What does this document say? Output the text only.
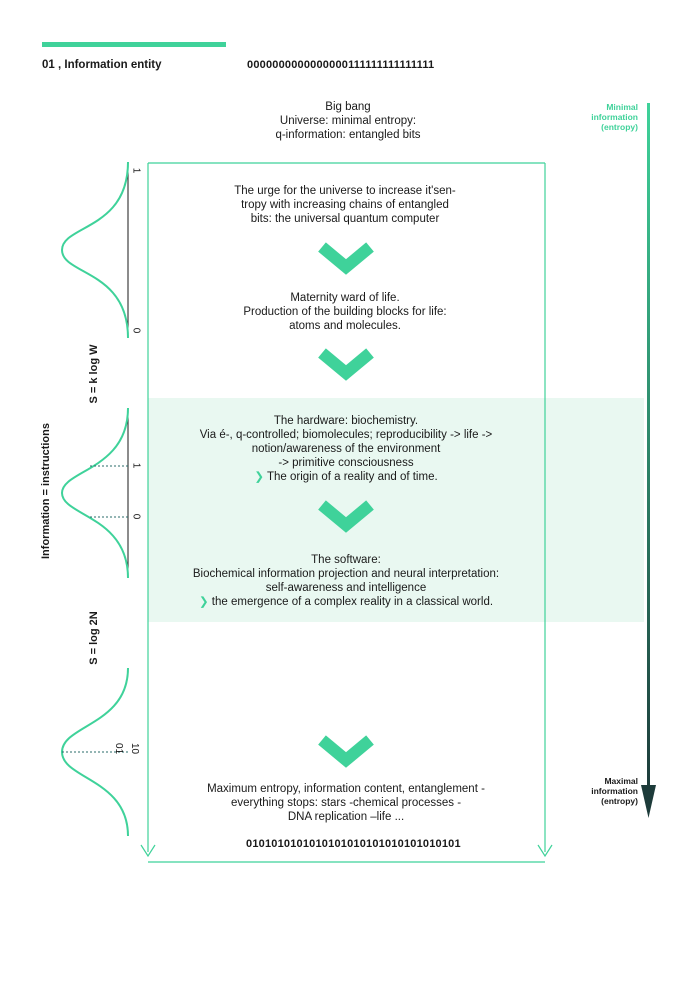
01 , Information entity	0000000000000000111111111111111
Big bang
Universe: minimal entropy:
q-information: entangled bits
Minimal
information
(entropy)
Maximal
information
(entropy)
Information = instructions
S = k log W
S = log 2N
1
0
1
0
01 10
The urge for the universe to increase it'sen-
tropy with increasing chains of entangled
bits: the universal quantum computer
Maternity ward of life.
Production of the building blocks for life:
atoms and molecules.
The hardware: biochemistry.
Via é-, q-controlled; biomolecules; reproducibility -> life ->
notion/awareness of the environment
-> primitive consciousness
❯ The origin of a reality and of time.
The software:
Biochemical information projection and neural interpretation:
self-awareness and intelligence
❯ the emergence of a complex reality in a classical world.
Maximum entropy, information content, entanglement -
everything stops: stars -chemical processes -
DNA replication –life ...
0101010101010101010101010101010101
